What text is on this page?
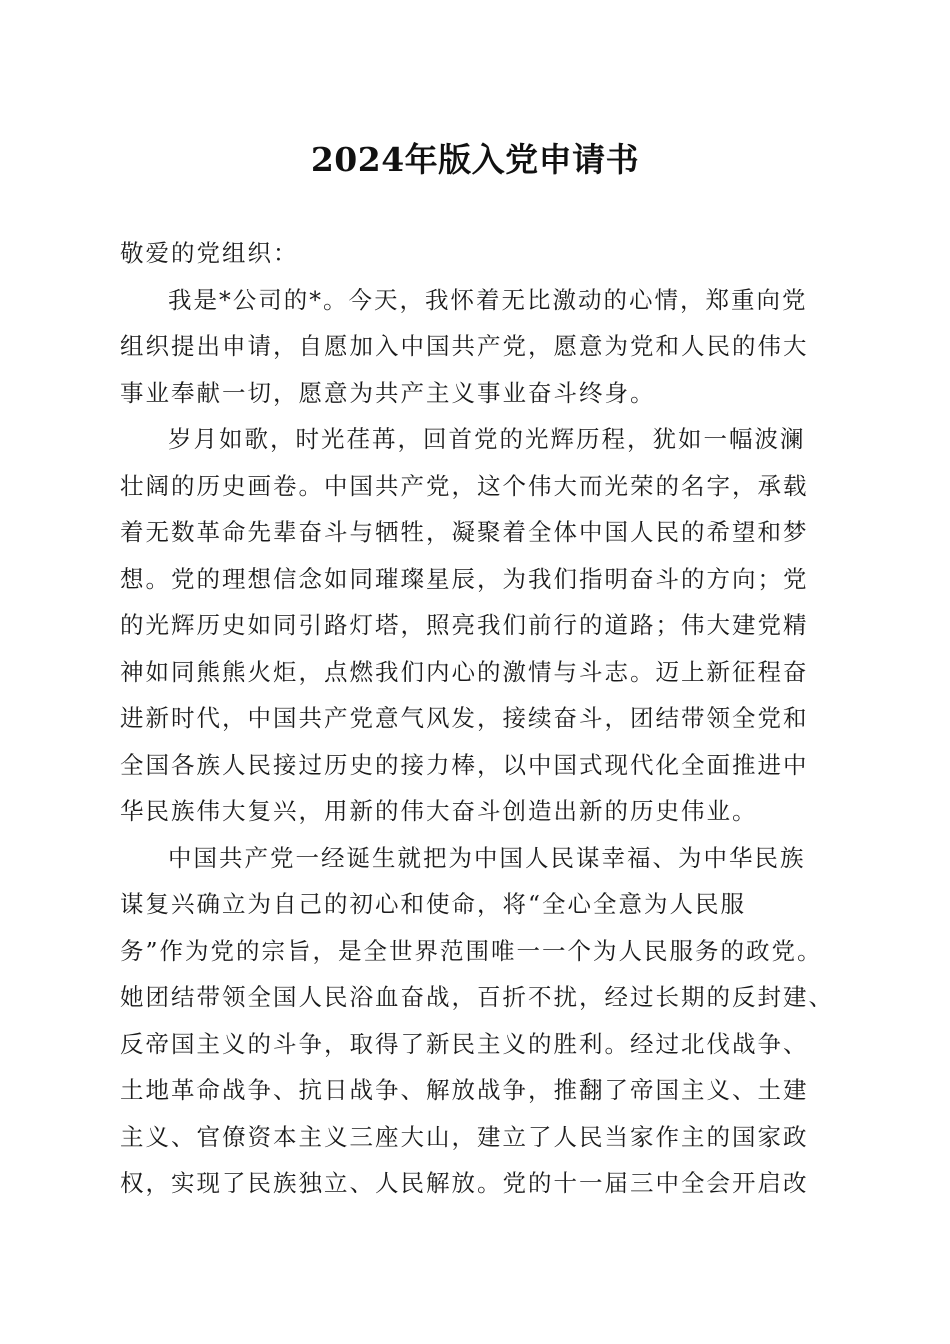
2024年版入党申请书
敬爱的党组织：
我是*公司的*。今天，我怀着无比激动的心情，郑重向党
组织提出申请，自愿加入中国共产党，愿意为党和人民的伟大
事业奉献一切，愿意为共产主义事业奋斗终身。
岁月如歌，时光荏苒，回首党的光辉历程，犹如一幅波澜
壮阔的历史画卷。中国共产党，这个伟大而光荣的名字，承载
着无数革命先辈奋斗与牺牲，凝聚着全体中国人民的希望和梦
想。党的理想信念如同璀璨星辰，为我们指明奋斗的方向；党
的光辉历史如同引路灯塔，照亮我们前行的道路；伟大建党精
神如同熊熊火炬，点燃我们内心的激情与斗志。迈上新征程奋
进新时代，中国共产党意气风发，接续奋斗，团结带领全党和
全国各族人民接过历史的接力棒，以中国式现代化全面推进中
华民族伟大复兴，用新的伟大奋斗创造出新的历史伟业。
中国共产党一经诞生就把为中国人民谋幸福、为中华民族
谋复兴确立为自己的初心和使命，将“全心全意为人民服
务”作为党的宗旨，是全世界范围唯一一个为人民服务的政党。
她团结带领全国人民浴血奋战，百折不扰，经过长期的反封建、
反帝国主义的斗争，取得了新民主义的胜利。经过北伐战争、
土地革命战争、抗日战争、解放战争，推翻了帝国主义、土建
主义、官僚资本主义三座大山，建立了人民当家作主的国家政
权，实现了民族独立、人民解放。党的十一届三中全会开启改
